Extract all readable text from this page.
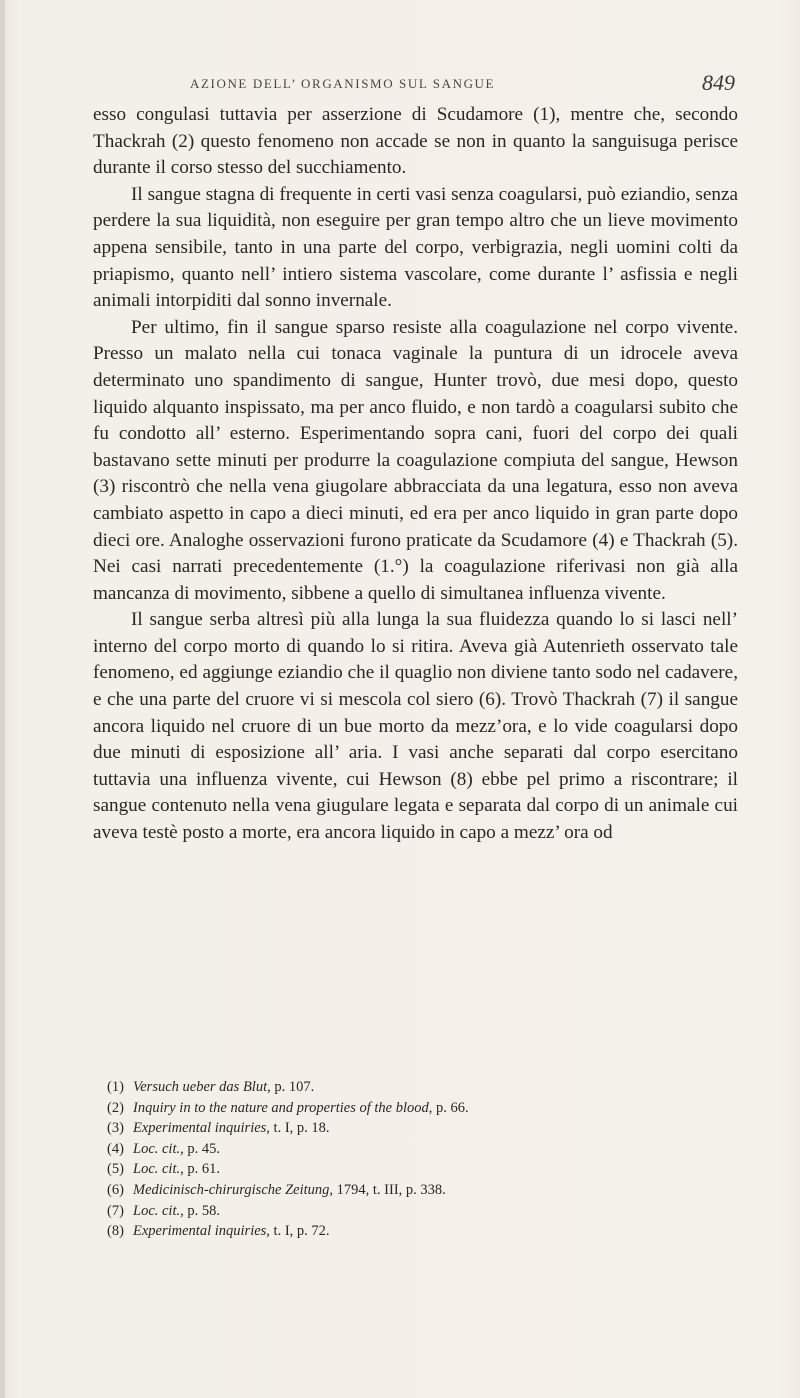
AZIONE DELL’ ORGANISMO SUL SANGUE	849

esso congulasi tuttavia per asserzione di Scudamore (1), mentre che, secondo Thackrah (2) questo fenomeno non accade se non in quanto la sanguisuga perisce durante il corso stesso del succhiamento.

Il sangue stagna di frequente in certi vasi senza coagularsi, può eziandio, senza perdere la sua liquidità, non eseguire per gran tempo altro che un lieve movimento appena sensibile, tanto in una parte del corpo, verbigrazia, negli uomini colti da priapismo, quanto nell’ intiero sistema vascolare, come durante l’ asfissia e negli animali intorpiditi dal sonno invernale.

Per ultimo, fin il sangue sparso resiste alla coagulazione nel corpo vivente. Presso un malato nella cui tonaca vaginale la puntura di un idrocele aveva determinato uno spandimento di sangue, Hunter trovò, due mesi dopo, questo liquido alquanto inspissato, ma per anco fluido, e non tardò a coagularsi subito che fu condotto all’ esterno. Esperimentando sopra cani, fuori del corpo dei quali bastavano sette minuti per produrre la coagulazione compiuta del sangue, Hewson (3) riscontrò che nella vena giugolare abbracciata da una legatura, esso non aveva cambiato aspetto in capo a dieci minuti, ed era per anco liquido in gran parte dopo dieci ore. Analoghe osservazioni furono praticate da Scudamore (4) e Thackrah (5). Nei casi narrati precedentemente (1.°) la coagulazione riferivasi non già alla mancanza di movimento, sibbene a quello di simultanea influenza vivente.

Il sangue serba altresì più alla lunga la sua fluidezza quando lo si lasci nell’ interno del corpo morto di quando lo si ritira. Aveva già Autenrieth osservato tale fenomeno, ed aggiunge eziandio che il quaglio non diviene tanto sodo nel cadavere, e che una parte del cruore vi si mescola col siero (6). Trovò Thackrah (7) il sangue ancora liquido nel cruore di un bue morto da mezz’ora, e lo vide coagularsi dopo due minuti di esposizione all’ aria. I vasi anche separati dal corpo esercitano tuttavia una influenza vivente, cui Hewson (8) ebbe pel primo a riscontrare; il sangue contenuto nella vena giugulare legata e separata dal corpo di un animale cui aveva testè posto a morte, era ancora liquido in capo a mezz’ ora od

(1) Versuch ueber das Blut, p. 107.
(2) Inquiry in to the nature and properties of the blood, p. 66.
(3) Experimental inquiries, t. I, p. 18.
(4) Loc. cit., p. 45.
(5) Loc. cit., p. 61.
(6) Medicinisch-chirurgische Zeitung, 1794, t. III, p. 338.
(7) Loc. cit., p. 58.
(8) Experimental inquiries, t. I, p. 72.
